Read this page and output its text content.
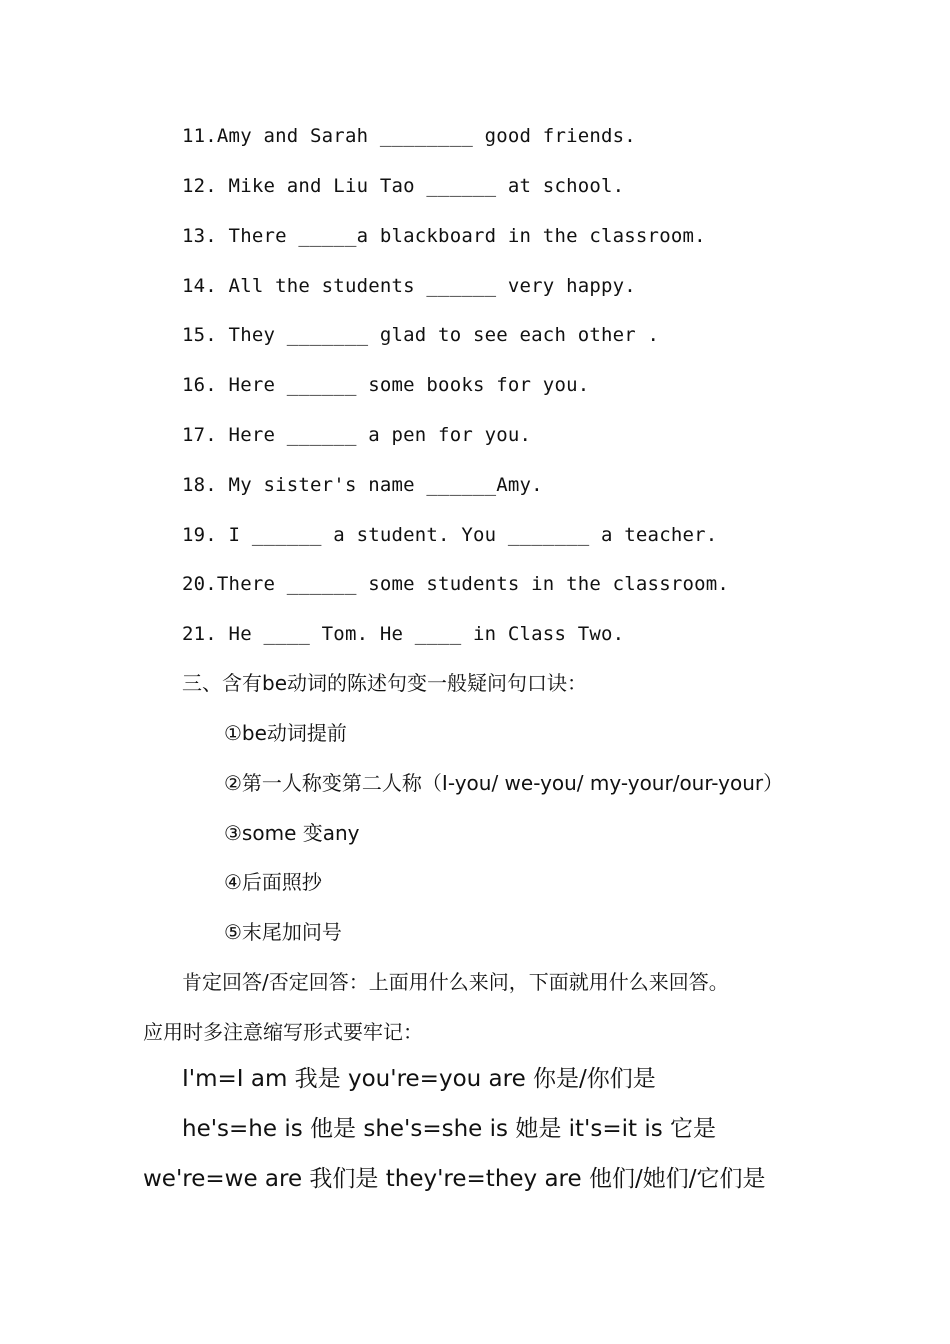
11.Amy and Sarah ________ good friends.
12. Mike and Liu Tao ______ at school.
13. There _____a blackboard in the classroom.
14. All the students ______ very happy.
15. They _______ glad to see each other .
16. Here ______ some books for you.
17. Here ______ a pen for you.
18. My sister's name ______Amy.
19. I ______ a student. You _______ a teacher.
20.There ______ some students in the classroom.
21. He ____ Tom. He ____ in Class Two.
三、含有be动词的陈述句变一般疑问句口诀：
①be动词提前
②第一人称变第二人称（I-you/ we-you/ my-your/our-your）
③some 变any
④后面照抄
⑤末尾加问号
肯定回答/否定回答：上面用什么来问，下面就用什么来回答。
应用时多注意缩写形式要牢记：
I'm=I am 我是 you're=you are 你是/你们是
he's=he is 他是 she's=she is 她是 it's=it is 它是
we're=we are 我们是 they're=they are 他们/她们/它们是
